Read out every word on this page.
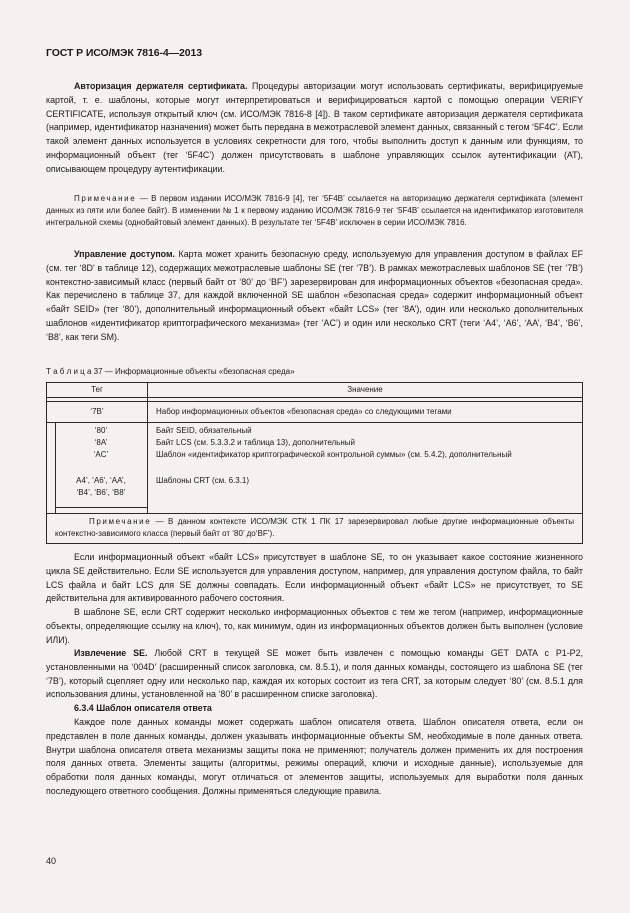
ГОСТ Р ИСО/МЭК 7816-4—2013

Авторизация держателя сертификата. Процедуры авторизации могут использовать сертификаты, верифицируемые картой, т. е. шаблоны, которые могут интерпретироваться и верифицироваться картой с помощью операции VERIFY CERTIFICATE, используя открытый ключ (см. ИСО/МЭК 7816-8 [4]). В таком сертификате авторизация держателя сертификата (например, идентификатор назначения) может быть передана в межотраслевой элемент данных, связанный с тегом ‘5F4C’. Если такой элемент данных используется в условиях секретности для того, чтобы выполнить доступ к данным или функциям, то информационный объект (тег ‘5F4C’) должен присутствовать в шаблоне управляющих ссылок аутентификации (AT), описывающем процедуру аутентификации.

Примечание — В первом издании ИСО/МЭК 7816-9 [4], тег ‘5F4B’ ссылается на авторизацию держателя сертификата (элемент данных из пяти или более байт). В изменении № 1 к первому изданию ИСО/МЭК 7816-9 тег ‘5F4B’ ссылается на идентификатор изготовителя интегральной схемы (однобайтовый элемент данных). В результате тег ‘5F4B’ исключен в серии ИСО/МЭК 7816.

Управление доступом. Карта может хранить безопасную среду, используемую для управления доступом в файлах EF (см. тег ‘8D’ в таблице 12), содержащих межотраслевые шаблоны SE (тег ‘7B’). В рамках межотраслевых шаблонов SE (тег ‘7B’) контекстно-зависимый класс (первый байт от ‘80’ до ‘BF’) зарезервирован для информационных объектов «безопасная среда». Как перечислено в таблице 37, для каждой включенной SE шаблон «безопасная среда» содержит информационный объект «байт SEID» (тег ‘80’), дополнительный информационный объект «байт LCS» (тег ‘8A’), один или несколько дополнительных шаблонов «идентификатор криптографического механизма» (тег ‘AC’) и один или несколько CRT (теги ‘A4’, ‘A6’, ‘AA’, ‘B4’, ‘B6’, ‘B8’, как теги SM).

Т а б л и ц а 37 — Информационные объекты «безопасная среда»
Тег	Значение
‘7B’	Набор информационных объектов «безопасная среда» со следующими тегами
‘80’
‘8A’
‘AC’
A4’, ‘A6’, ‘AA’,
‘B4’, ‘B6’, ‘B8’
Байт SEID, обязательный
Байт LCS (см. 5.3.3.2 и таблица 13), дополнительный
Шаблон «идентификатор криптографической контрольной суммы» (см. 5.4.2), дополнительный
Шаблоны CRT (см. 6.3.1)
Примечание — В данном контексте ИСО/МЭК СТК 1 ПК 17 зарезервировал любые другие информационные объекты контекстно-зависимого класса (первый байт от ‘80’ до‘BF’).

Если информационный объект «байт LCS» присутствует в шаблоне SE, то он указывает какое состояние жизненного цикла SE действительно. Если SE используется для управления доступом, например, для управления доступом файла, то байт LCS файла и байт LCS для SE должны совпадать. Если информационный объект «байт LCS» не присутствует, то SE действительна для активированного рабочего состояния.

В шаблоне SE, если CRT содержит несколько информационных объектов с тем же тегом (например, информационные объекты, определяющие ссылку на ключ), то, как минимум, один из информационных объектов должен быть выполнен (условие ИЛИ).

Извлечение SE. Любой CRT в текущей SE может быть извлечен с помощью команды GET DATA с P1-P2, установленными на ‘004D’ (расширенный список заголовка, см. 8.5.1), и поля данных команды, состоящего из шаблона SE (тег ‘7B’), который сцепляет одну или несколько пар, каждая их которых состоит из тега CRT, за которым следует ‘80’ (см. 8.5.1 для использования длины, установленной на ‘80’ в расширенном списке заголовка).

6.3.4 Шаблон описателя ответа

Каждое поле данных команды может содержать шаблон описателя ответа. Шаблон описателя ответа, если он представлен в поле данных команды, должен указывать информационные объекты SM, необходимые в поле данных ответа. Внутри шаблона описателя ответа механизмы защиты пока не применяют; получатель должен применить их для построения поля данных ответа. Элементы защиты (алгоритмы, режимы операций, ключи и исходные данные), используемые для обработки поля данных команды, могут отличаться от элементов защиты, используемых для выработки поля данных последующего ответного сообщения. Должны применяться следующие правила.

40
